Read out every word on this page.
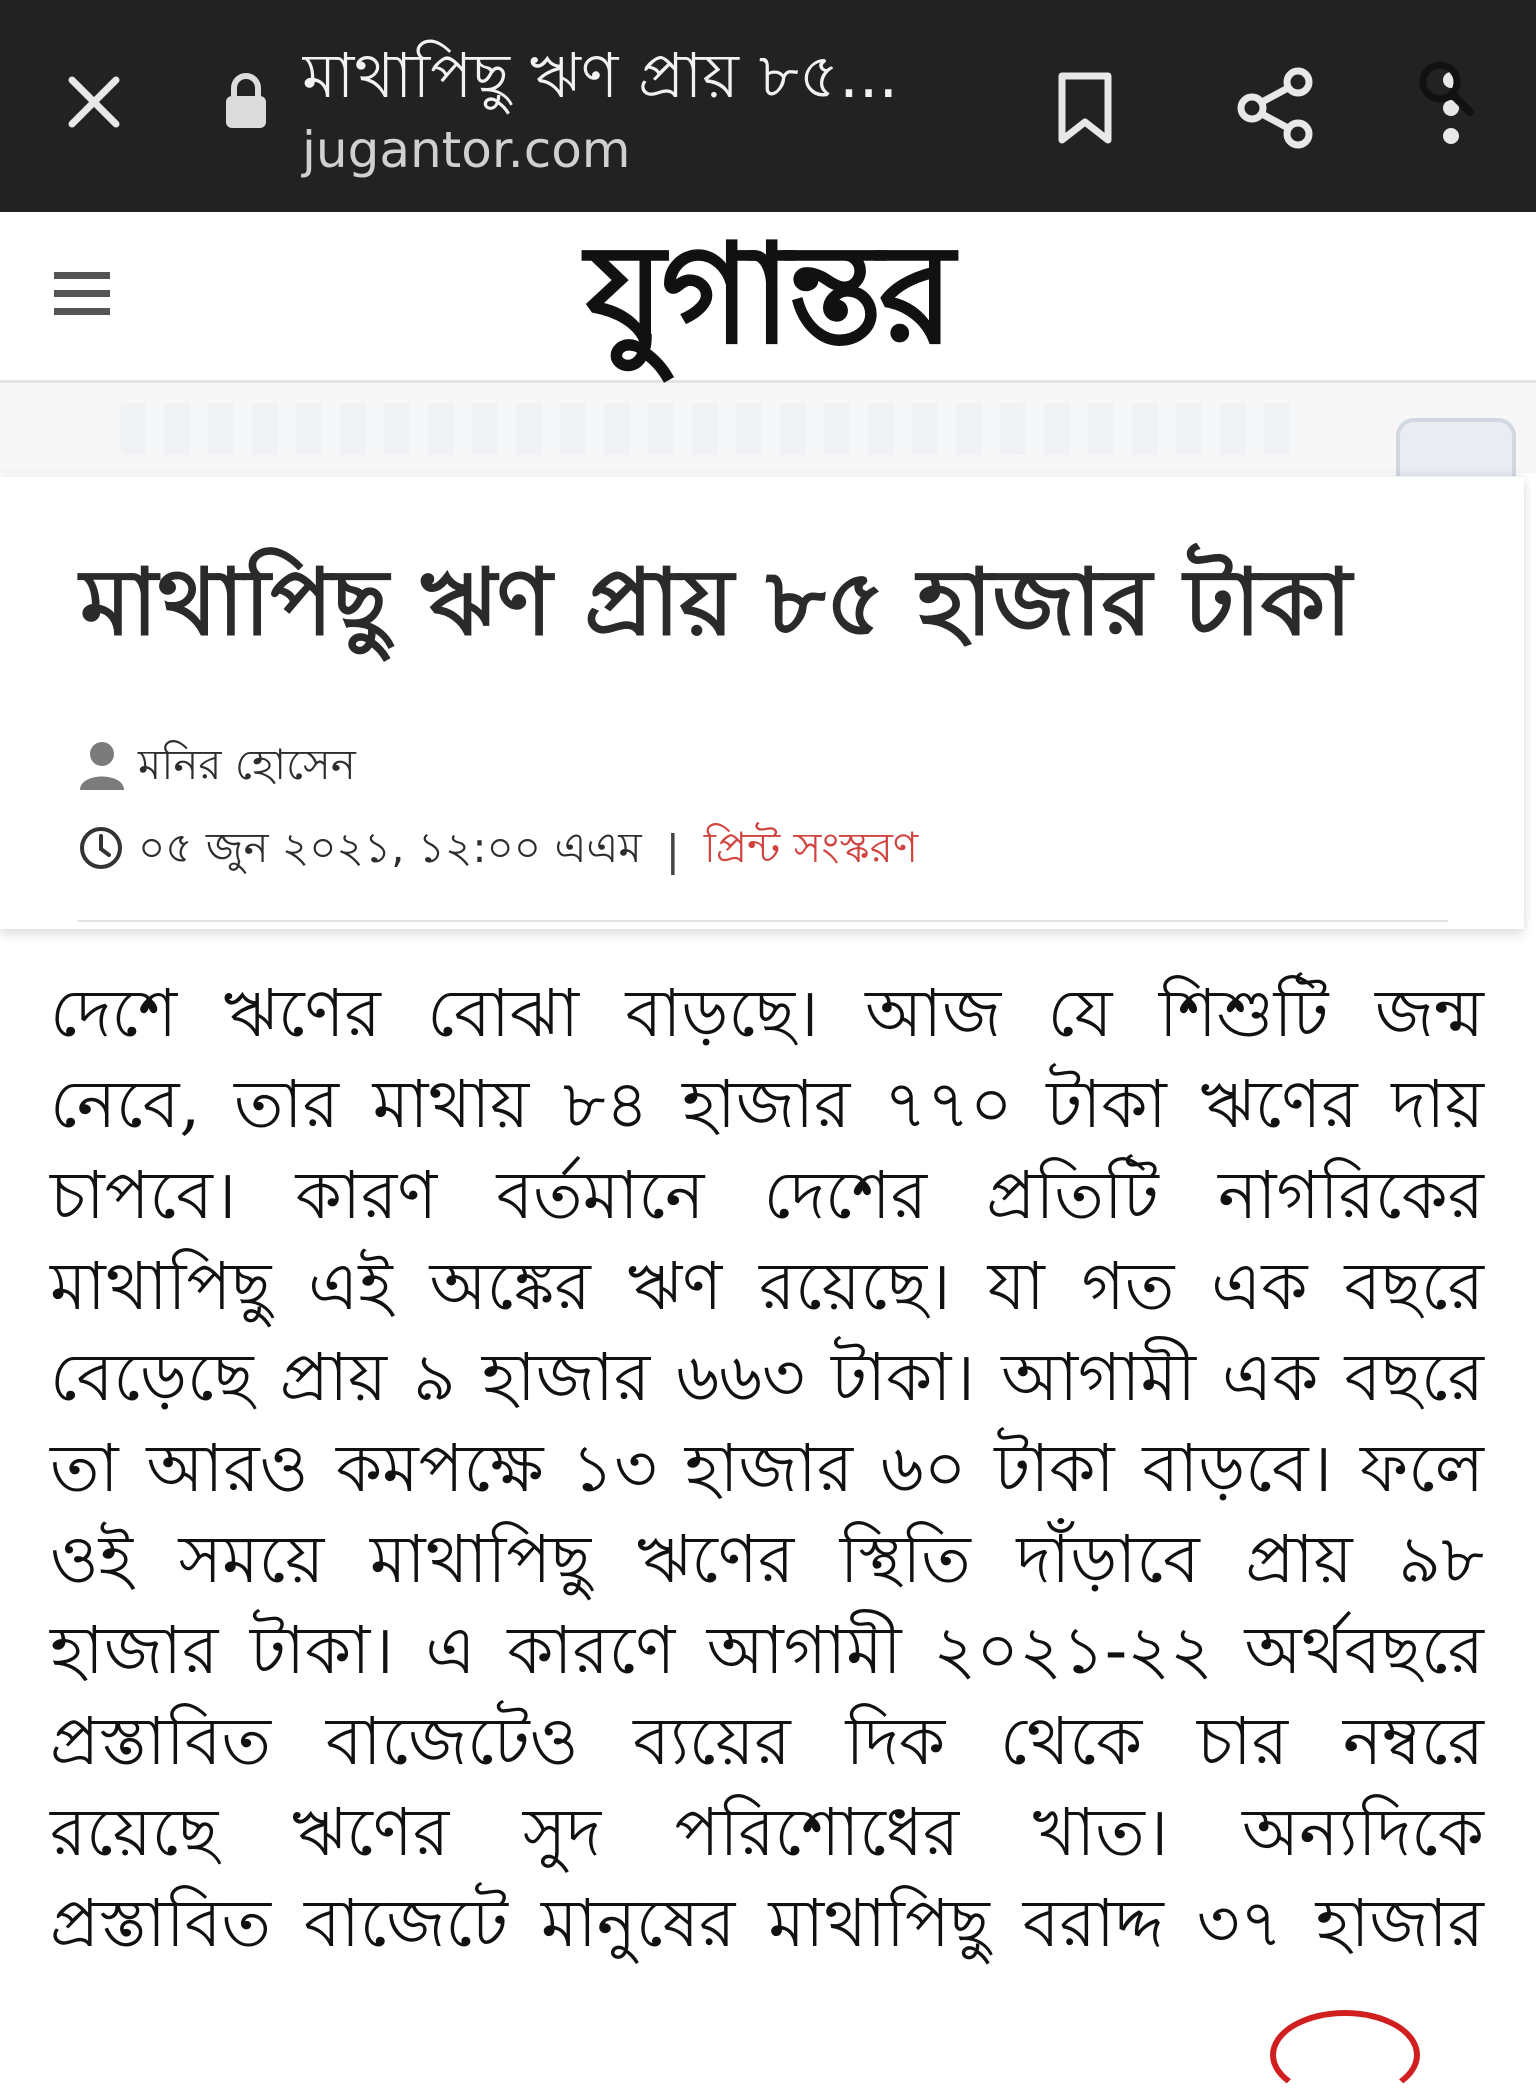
মাথাপিছু ঋণ প্রায় ৮৫...
jugantor.com
যুগান্তর
মাথাপিছু ঋণ প্রায় ৮৫ হাজার টাকা
মনির হোসেন
০৫ জুন ২০২১, ১২:০০ এএম | প্রিন্ট সংস্করণ
দেশে ঋণের বোঝা বাড়ছে। আজ যে শিশুটি জন্ম
নেবে, তার মাথায় ৮৪ হাজার ৭৭০ টাকা ঋণের দায়
চাপবে। কারণ বর্তমানে দেশের প্রতিটি নাগরিকের
মাথাপিছু এই অঙ্কের ঋণ রয়েছে। যা গত এক বছরে
বেড়েছে প্রায় ৯ হাজার ৬৬৩ টাকা। আগামী এক বছরে
তা আরও কমপক্ষে ১৩ হাজার ৬০ টাকা বাড়বে। ফলে
ওই সময়ে মাথাপিছু ঋণের স্থিতি দাঁড়াবে প্রায় ৯৮
হাজার টাকা। এ কারণে আগামী ২০২১-২২ অর্থবছরে
প্রস্তাবিত বাজেটেও ব্যয়ের দিক থেকে চার নম্বরে
রয়েছে ঋণের সুদ পরিশোধের খাত। অন্যদিকে
প্রস্তাবিত বাজেটে মানুষের মাথাপিছু বরাদ্দ ৩৭ হাজার
